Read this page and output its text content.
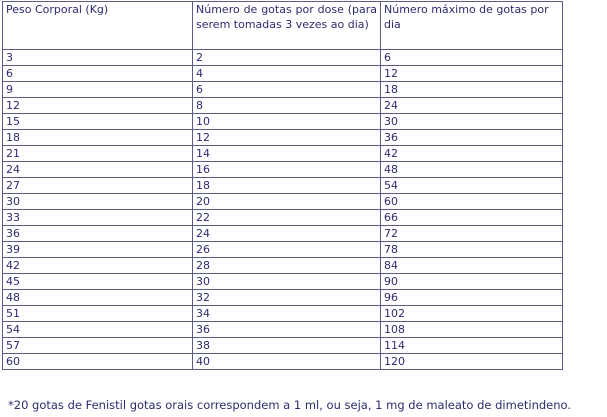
Peso Corporal (Kg)	Número de gotas por dose (para serem tomadas 3 vezes ao dia)	Número máximo de gotas por dia
3	2	6
6	4	12
9	6	18
12	8	24
15	10	30
18	12	36
21	14	42
24	16	48
27	18	54
30	20	60
33	22	66
36	24	72
39	26	78
42	28	84
45	30	90
48	32	96
51	34	102
54	36	108
57	38	114
60	40	120

*20 gotas de Fenistil gotas orais correspondem a 1 ml, ou seja, 1 mg de maleato de dimetindeno.
